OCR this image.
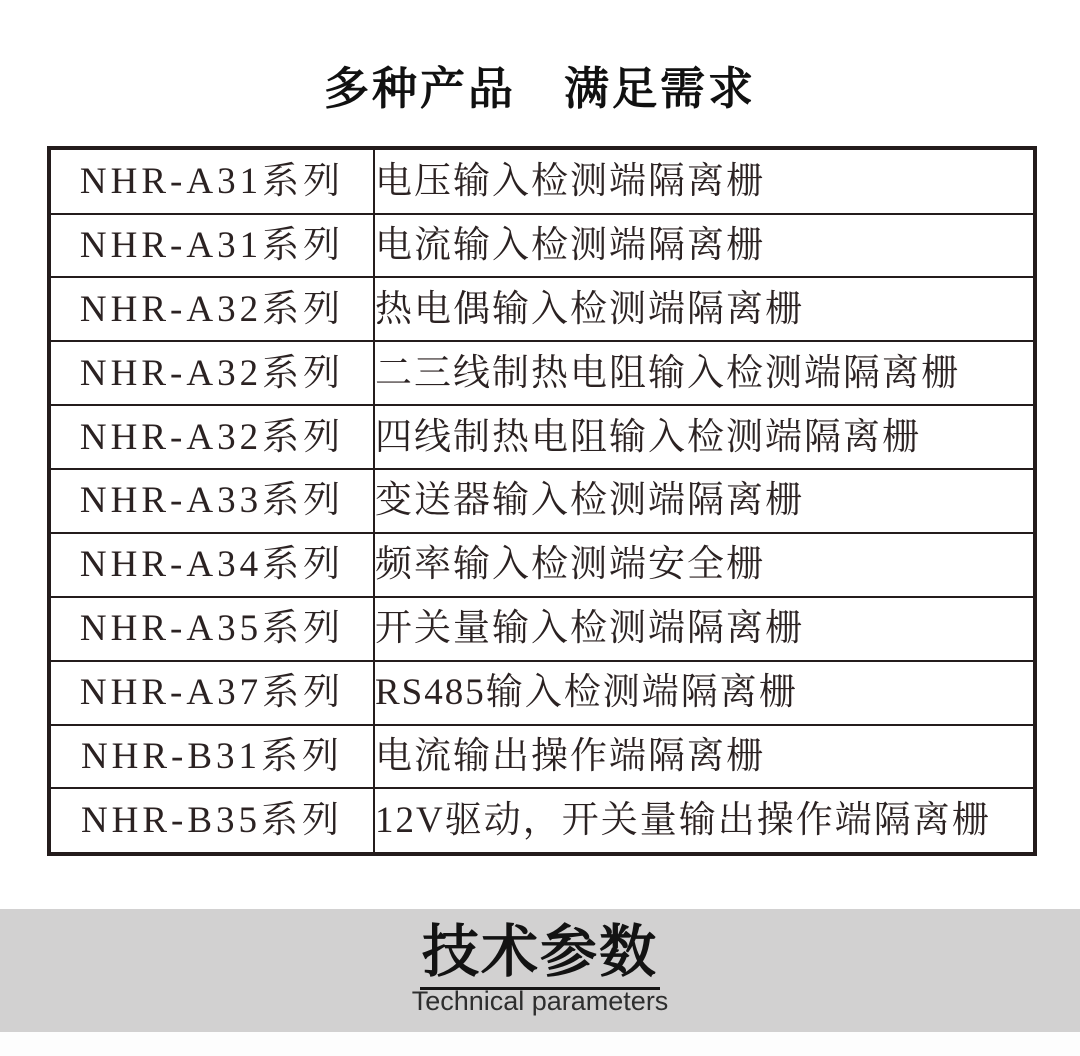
多种产品　满足需求
NHR-A31系列	电压输入检测端隔离栅
NHR-A31系列	电流输入检测端隔离栅
NHR-A32系列	热电偶输入检测端隔离栅
NHR-A32系列	二三线制热电阻输入检测端隔离栅
NHR-A32系列	四线制热电阻输入检测端隔离栅
NHR-A33系列	变送器输入检测端隔离栅
NHR-A34系列	频率输入检测端安全栅
NHR-A35系列	开关量输入检测端隔离栅
NHR-A37系列	RS485输入检测端隔离栅
NHR-B31系列	电流输出操作端隔离栅
NHR-B35系列	12V驱动，开关量输出操作端隔离栅
技术参数
Technical parameters
